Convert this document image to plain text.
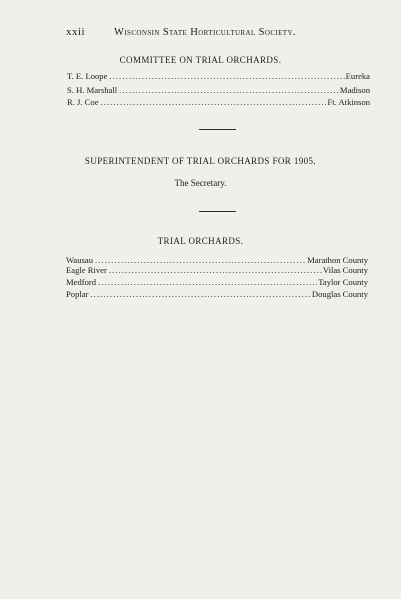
xxii	Wisconsin State Horticultural Society.
COMMITTEE ON TRIAL ORCHARDS.
T. E. Loope .....	Eureka
S. H. Marshall .....	Madison
R. J. Coe .....	Ft. Atkinson
SUPERINTENDENT OF TRIAL ORCHARDS FOR 1905.
The Secretary.
TRIAL ORCHARDS.
Wausau .....	Marathon County
Eagle River .....	Vilas County
Medford .....	Taylor County
Poplar .....	Douglas County
